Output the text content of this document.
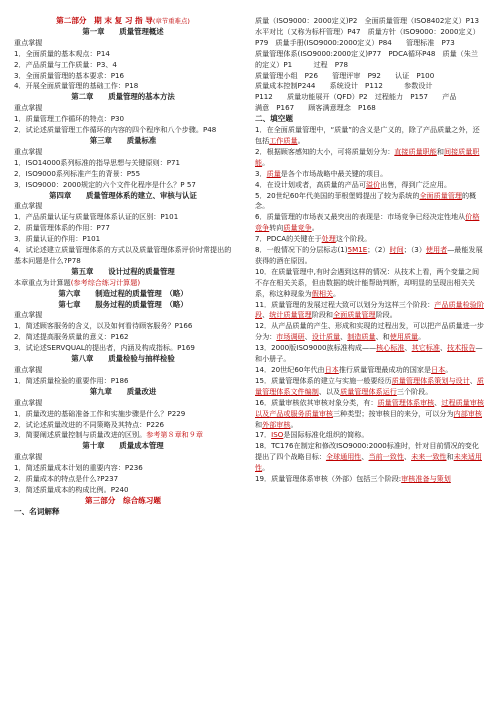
第二部分　期 末 复 习 指 导(章节重难点)

第一章　　质量管理概述

重点掌握

1．全面质量的基本观点：P14

2．产品质量与工作质量：P3、4

3．全面质量管理的基本要求：P16

4．开展全面质量管理的基础工作：P18

第二章　　质量管理的基本方法

重点掌握

1．质量管理工作循环的特点：P30

2．试论述质量管理工作循环的内容的四个程序和八个步骤。P48

第三章　　质量标准

重点掌握

1．ISO14000系列标准的指导思想与关键原则：P71

2．ISO9000系列标准产生的背景：P55

3．ISO9000：2000规定的六个文件化程序是什么？P 57

第四章　　质量管理体系的建立、审核与认证

重点掌握

1．产品质量认证与质量管理体系认证的区别：P101

2．质量管理体系的作用：P77

3．质量认证的作用：P101

4．试论述建立质量管理体系的方式以及质量管理体系评价时常提出的基本问题是什么?P78

第五章　　设计过程的质量管理

本章重点为计算题(参考综合练习计算题)

第六章　　制造过程的质量管理　（略）

第七章　　服务过程的质量管理　（略）

重点掌握

1．简述顾客服务的含义，以及如何看待顾客服务？P166

2．简述提高服务质量的意义：P162

3．试论述SERVQUAL的提出者，内涵及构成指标。P169

第八章　　质量检验与抽样检验

重点掌握

1．简述质量检验的重要作用：P186

第九章　　质量改进

重点掌握

1．质量改进的基础准备工作和实施步骤是什么？P229

2．试论述质量改进的不同策略及其特点：P226

3．简要阐述质量控制与质量改进的区别。参考第８章和９章

第十章　　质量成本管理

重点掌握

1．简述质量成本计划的重要内容：P236

2．质量成本的特点是什么?P237

3．简述质量成本的构成比例。P240

第三部分　综合练习题

一、名词解释

质量（ISO9000：2000定义)P2　全面质量管理（ISO8402定义）P13　水平对比（又称为标杆管理）P47　质量方针（ISO9000：2000定义）　P79　质量手册(ISO9000:2000定义）P84　　管理标准　P73

质量管理体系(ISO9000:2000定义)P77　PDCA循环P48　质量（朱兰的定义）P1　　　过程　P78

质量管理小组　P26　　管理评审　P92　　认证　P100

质量成本控制P244　　系统设计　P112　　　参数设计

P112　　质量功能展开（QFD）P2　过程能力　P157　　产品

满意　P167　　顾客满意理念　P168

二、填空题

1．在全面质量管理中，“质量”的含义是广义的，除了产品质量之外，还包括工作质量。

2．根据顾客感知的大小，可将质量划分为：直接质量职能和间接质量职能。

3．质量是各个市场战略中最关键的项目。

4．在设计划或者，高质量的产品可溢价出售，得到广泛应用。

5．20世纪60年代美国的菲根堡姆提出了较为系统的全面质量管理的概念。

6．质量管理的市场表又最突出的表现是：市场竞争已经决定性地从价格竞争转向质量竞争。

7．PDCA的关键在于处理这个阶段。

8．一般情况下的分层标志(1)5M1E；（2）时间；（3）使用者—最能发展获得的酒在原因。

10．在质量管理中,有时会遇到这样的情况：从技术上看，两个变量之间不存在相关关系，但由数据的统计能帮助判断，却明显的呈现出相关关系，称这种现象为假相关。

11．质量管理的发展过程大致可以划分为这样三个阶段：产品质量检验阶段、统计质量管理阶段和全面质量管理阶段。

12．从产品质量的产生、形成和实现的过程出发，可以把产品质量进一步分为：市场调研、设计质量、制造质量、和使用质量。

13．2000版ISO9000族标准构成——核心标准、其它标准、技术报告—和小册子。

14．20世纪60年代由日本推行质量管理最成功的国家是日本。

15．质量管理体系的建立与实施一般要经历质量管理体系策划与设计、质量管理体系文件编制、以及质量管理体系运行三个阶段。

16．质量审核依其审核对象分类，有：质量管理体系审核、过程质量审核以及产品或服务质量审核三种类型；按审核目的来分，可以分为内部审核和外部审核。

17．ISO是国际标准化组织的简称。

18．TC176在制定和修改ISO9000:2000标准时，针对目前情况的变化提出了四个战略目标：全球通用性、当前一致性、未来一致性和未来适用性。

19．质量管理体系审核（外部）包括三个阶段:审核准备与策划
